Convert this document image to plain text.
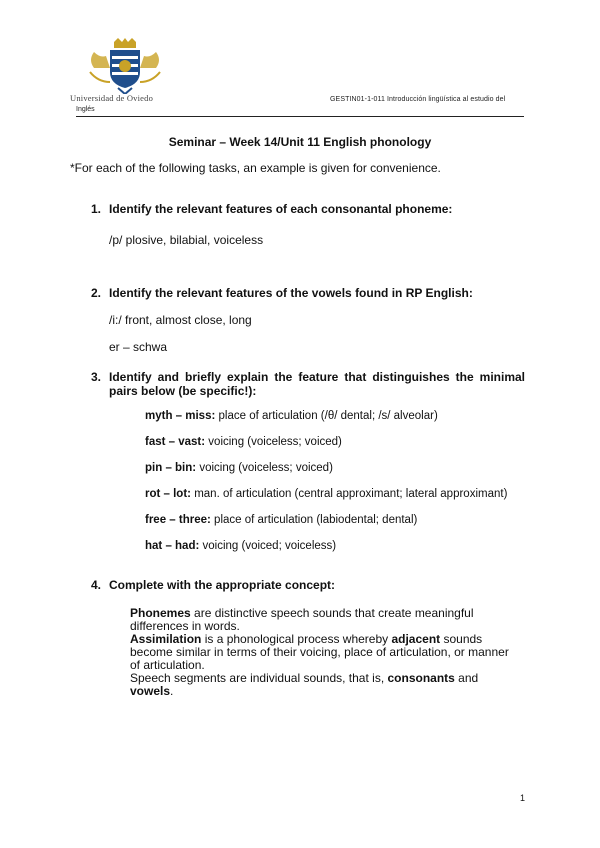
Universidad de Oviedo	GESTIN01-1-011 Introducción lingüística al estudio del
Inglés
Seminar – Week 14/Unit 11 English phonology
*For each of the following tasks, an example is given for convenience.
1. Identify the relevant features of each consonantal phoneme:
/p/ plosive, bilabial, voiceless
2. Identify the relevant features of the vowels found in RP English:
/i:/ front, almost close, long
er – schwa
3. Identify and briefly explain the feature that distinguishes the minimal pairs below (be specific!):
myth – miss: place of articulation (/θ/ dental; /s/ alveolar)
fast – vast: voicing (voiceless; voiced)
pin – bin: voicing (voiceless; voiced)
rot – lot: man. of articulation (central approximant; lateral approximant)
free – three: place of articulation (labiodental; dental)
hat – had: voicing (voiced; voiceless)
4. Complete with the appropriate concept:
Phonemes are distinctive speech sounds that create meaningful differences in words.
Assimilation is a phonological process whereby adjacent sounds become similar in terms of their voicing, place of articulation, or manner of articulation.
Speech segments are individual sounds, that is, consonants and vowels.
1
